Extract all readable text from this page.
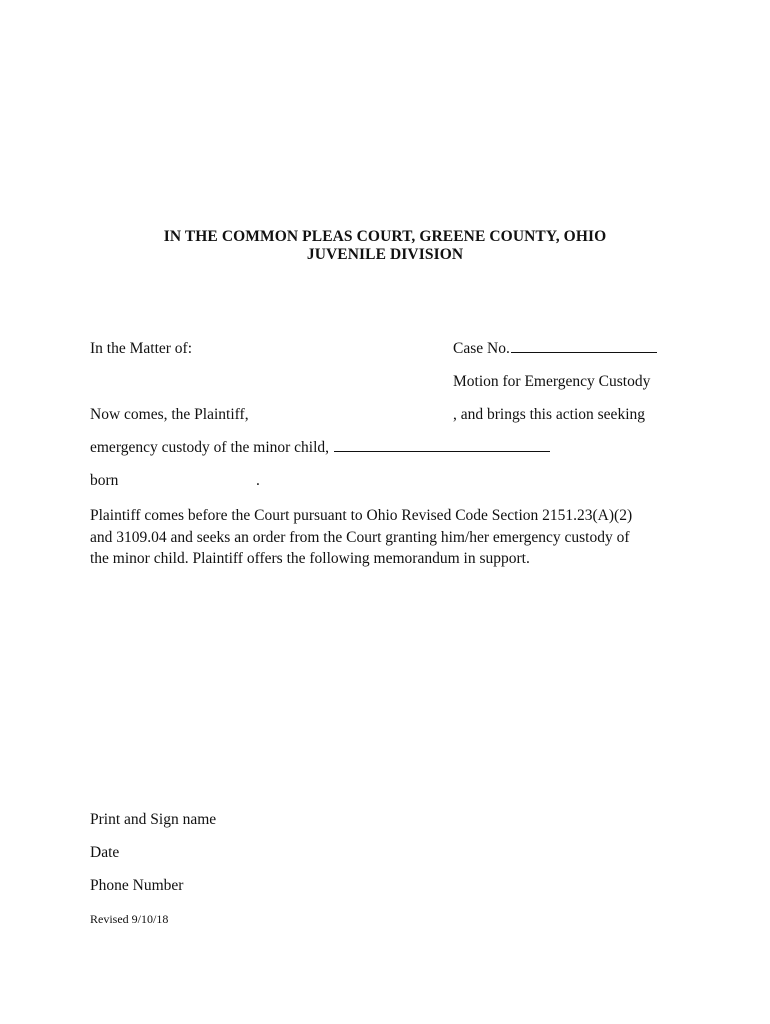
IN THE COMMON PLEAS COURT, GREENE COUNTY, OHIO
JUVENILE DIVISION
In the Matter of:	Case No.
Motion for Emergency Custody
Now comes, the Plaintiff,	, and brings this action seeking
emergency custody of the minor child,
born	.
Plaintiff comes before the Court pursuant to Ohio Revised Code Section 2151.23(A)(2)
and 3109.04 and seeks an order from the Court granting him/her emergency custody of
the minor child. Plaintiff offers the following memorandum in support.
Print and Sign name
Date
Phone Number
Revised 9/10/18
